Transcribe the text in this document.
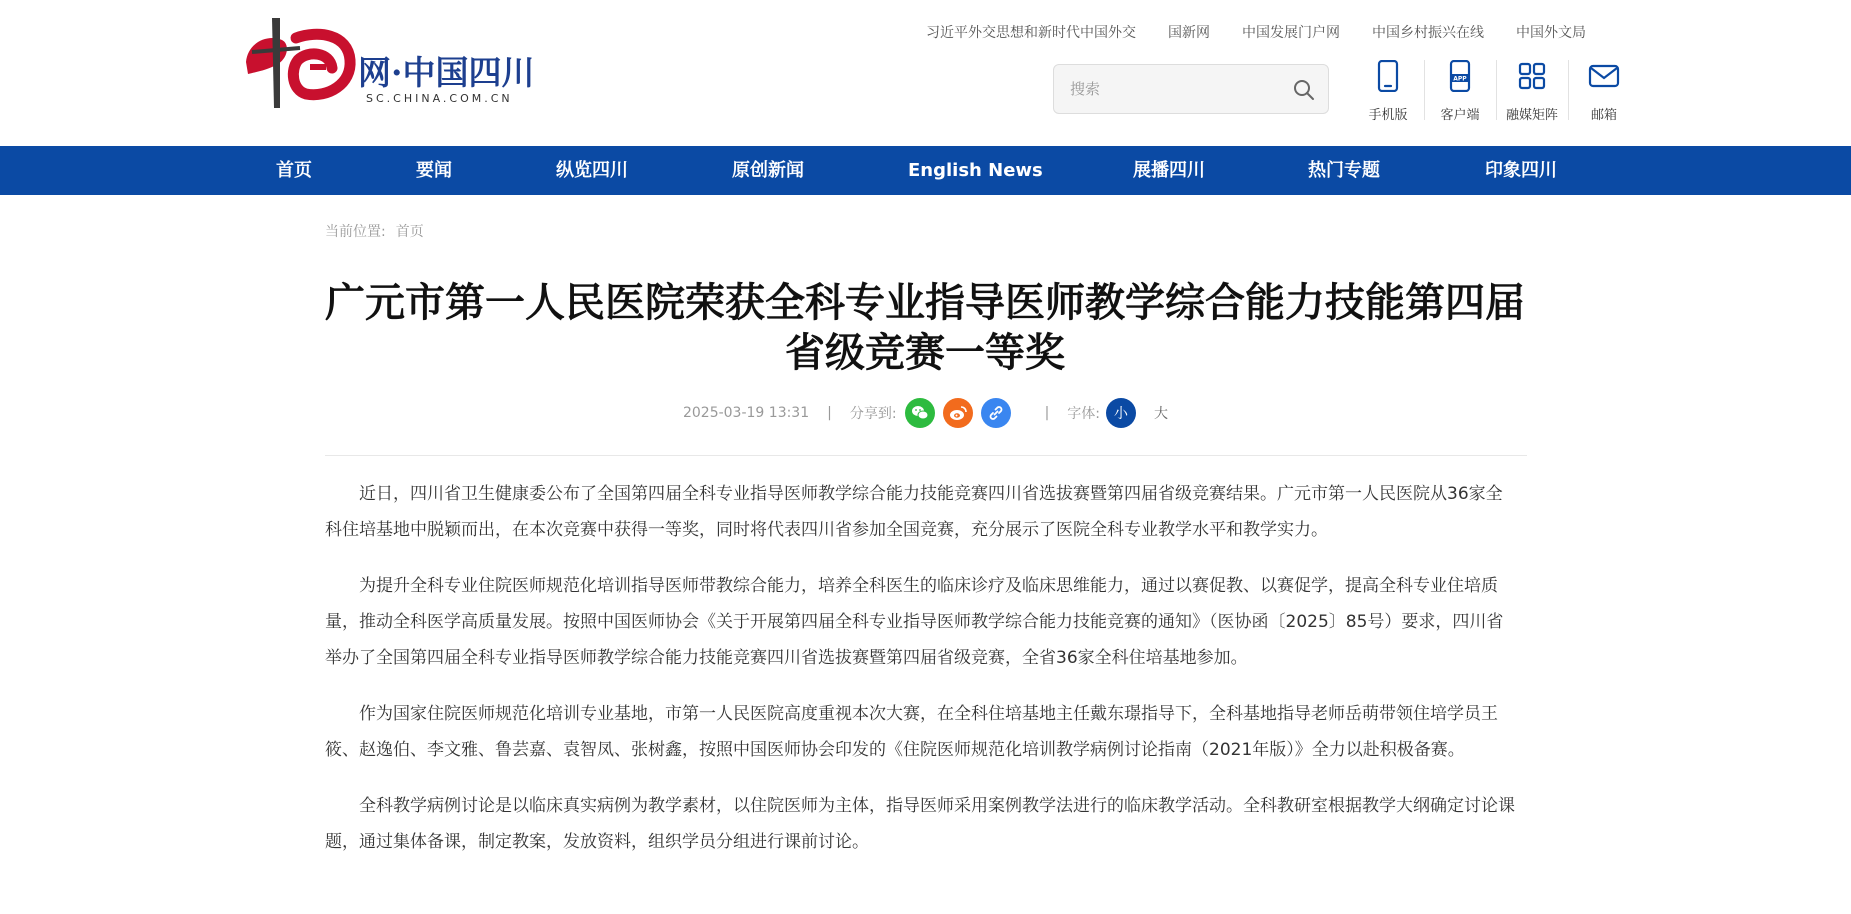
网·中国四川
SC.CHINA.COM.CN
习近平外交思想和新时代中国外交 国新网 中国发展门户网 中国乡村振兴在线 中国外文局
搜索
手机版
APP
客户端 融媒矩阵	邮箱
首页	要闻	纵览四川	原创新闻	English News	展播四川	热门专题	印象四川
当前位置: 首页
广元市第一人民医院荣获全科专业指导医师教学综合能力技能第四届
省级竞赛一等奖
2025-03-19 13:31 | 分享到:	| 字体:	小	大

近日，四川省卫生健康委公布了全国第四届全科专业指导医师教学综合能力技能竞赛四川省选拔赛暨第四届省级竞赛结果。广元市第一人民医院从36家全科住培基地中脱颖而出，在本次竞赛中获得一等奖，同时将代表四川省参加全国竞赛，充分展示了医院全科专业教学水平和教学实力。

为提升全科专业住院医师规范化培训指导医师带教综合能力，培养全科医生的临床诊疗及临床思维能力，通过以赛促教、以赛促学，提高全科专业住培质量，推动全科医学高质量发展。按照中国医师协会《关于开展第四届全科专业指导医师教学综合能力技能竞赛的通知》（医协函〔2025〕85号）要求，四川省举办了全国第四届全科专业指导医师教学综合能力技能竞赛四川省选拔赛暨第四届省级竞赛，全省36家全科住培基地参加。

作为国家住院医师规范化培训专业基地，市第一人民医院高度重视本次大赛，在全科住培基地主任戴东璟指导下，全科基地指导老师岳萌带领住培学员王筱、赵逸伯、李文雅、鲁芸嘉、袁智凤、张树鑫，按照中国医师协会印发的《住院医师规范化培训教学病例讨论指南（2021年版）》全力以赴积极备赛。

全科教学病例讨论是以临床真实病例为教学素材，以住院医师为主体，指导医师采用案例教学法进行的临床教学活动。全科教研室根据教学大纲确定讨论课题，通过集体备课，制定教案，发放资料，组织学员分组进行课前讨论。
